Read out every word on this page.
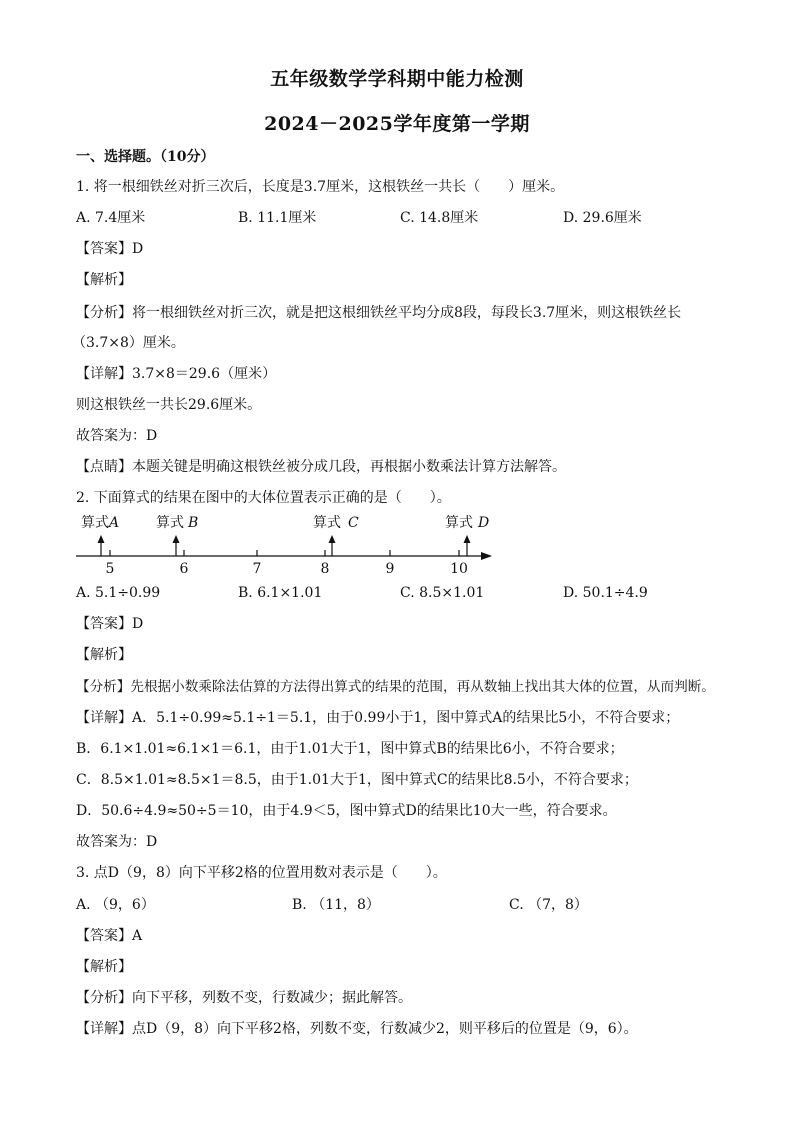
五年级数学学科期中能力检测
2024－2025学年度第一学期
一、选择题。（10分）
1. 将一根细铁丝对折三次后，长度是3.7厘米，这根铁丝一共长（　　）厘米。
A. 7.4厘米	B. 11.1厘米	C. 14.8厘米	D. 29.6厘米
【答案】D
【解析】
【分析】将一根细铁丝对折三次，就是把这根细铁丝平均分成8段，每段长3.7厘米，则这根铁丝长
（3.7×8）厘米。
【详解】3.7×8＝29.6（厘米）
则这根铁丝一共长29.6厘米。
故答案为：D
【点睛】本题关键是明确这根铁丝被分成几段，再根据小数乘法计算方法解答。
2. 下面算式的结果在图中的大体位置表示正确的是（　　）。
5	6	7	8	9	10
算式 A	算式 B	算式 C	算式 D
A. 5.1÷0.99	B. 6.1×1.01	C. 8.5×1.01	D. 50.1÷4.9
【答案】D
【解析】
【分析】先根据小数乘除法估算的方法得出算式的结果的范围，再从数轴上找出其大体的位置，从而判断。
【详解】A．5.1÷0.99≈5.1÷1＝5.1，由于0.99小于1，图中算式A的结果比5小，不符合要求；
B．6.1×1.01≈6.1×1＝6.1，由于1.01大于1，图中算式B的结果比6小，不符合要求；
C．8.5×1.01≈8.5×1＝8.5，由于1.01大于1，图中算式C的结果比8.5小，不符合要求；
D．50.6÷4.9≈50÷5＝10，由于4.9＜5，图中算式D的结果比10大一些，符合要求。
故答案为：D
3. 点D（9，8）向下平移2格的位置用数对表示是（　　）。
A. （9，6）	B. （11，8）	C. （7，8）
【答案】A
【解析】
【分析】向下平移，列数不变，行数减少；据此解答。
【详解】点D（9，8）向下平移2格，列数不变，行数减少2，则平移后的位置是（9，6）。
